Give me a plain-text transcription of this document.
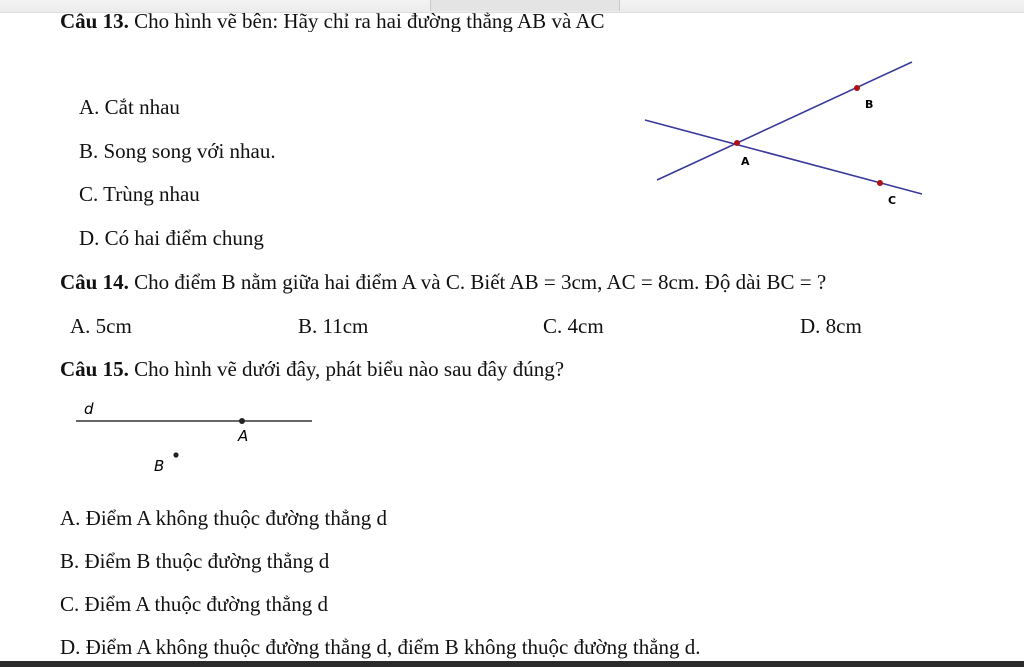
Câu 13. Cho hình vẽ bên: Hãy chỉ ra hai đường thẳng AB và AC
A. Cắt nhau
B. Song song với nhau.
C. Trùng nhau
D. Có hai điểm chung
B
A
C
Câu 14. Cho điểm B nằm giữa hai điểm A và C. Biết AB = 3cm, AC = 8cm. Độ dài BC = ?
A. 5cm	B. 11cm	C. 4cm	D. 8cm
Câu 15. Cho hình vẽ dưới đây, phát biểu nào sau đây đúng?
d
A
B
A. Điểm A không thuộc đường thẳng d
B. Điểm B thuộc đường thẳng d
C. Điểm A thuộc đường thẳng d
D. Điểm A không thuộc đường thẳng d, điểm B không thuộc đường thẳng d.
